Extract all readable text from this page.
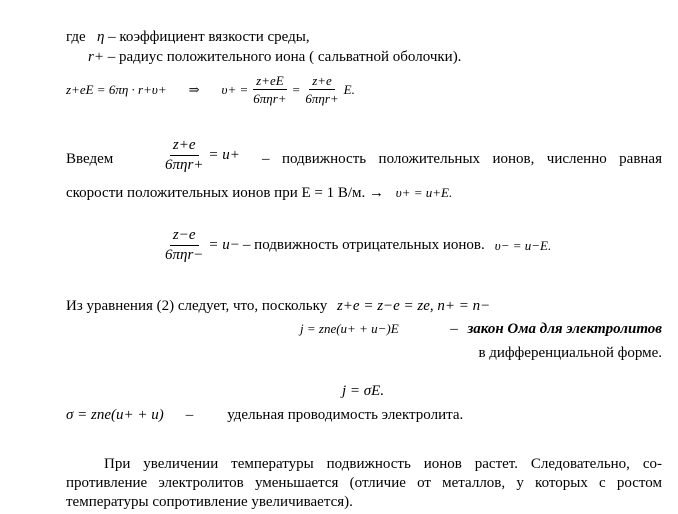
где η – коэффициент вязкости среды,
r+ – радиус положительного иона ( сальватной оболочки).
z+eE = 6πη · r+υ+ ⇒ $\upsilon+ = \frac{z+eE}{\text{6πηr+}} = \frac{z+e}{\text{6πηr+}} E$.
Введем	$\frac{z+e}{\text{6πηr+}} = u+$ – подвижность положительных ионов, численно равная
скорости положительных ионов при E = 1 В/м. → υ+ = u+E.
$\frac{z-e}{\text{6πηr−}} = u-$ – подвижность отрицательных ионов. υ− = u−E.
Из уравнения (2) следует, что, поскольку z+e = z−e = ze, n+ = n−
j = zne(u+ + u−)E	– закон Ома для электролитов
в дифференциальной форме.
j = σE.
σ = zne(u+ + u) – удельная проводимость электролита.
При увеличении температуры подвижность ионов растет. Следовательно, со-
противление электролитов уменьшается (отличие от металлов, у которых с ростом
температуры сопротивление увеличивается).
